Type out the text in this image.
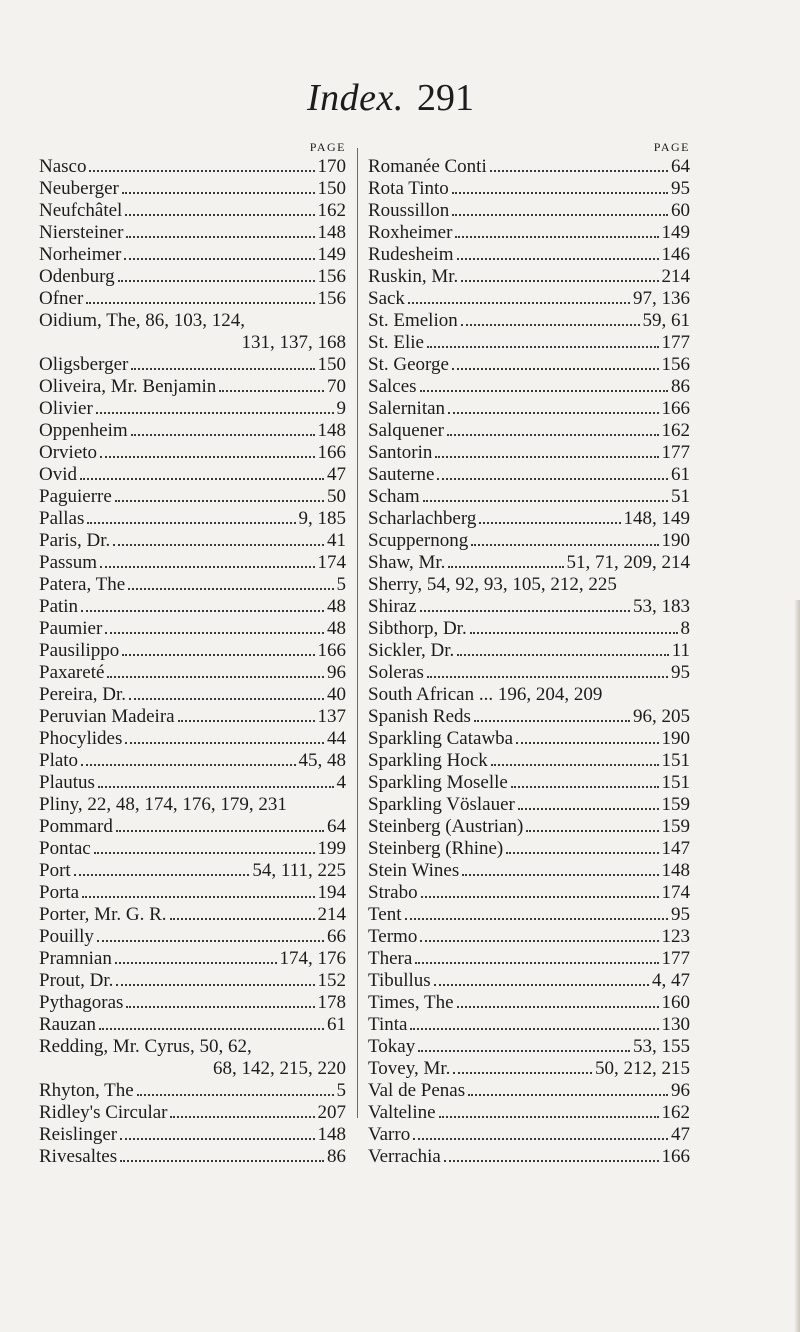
Index. 291
PAGE
Nasco	170
Neuberger	150
Neufchâtel	162
Niersteiner	148
Norheimer	149
Odenburg	156
Ofner	156
Oidium, The, 86, 103, 124,
131, 137, 168
Oligsberger	150
Oliveira, Mr. Benjamin	70
Olivier	9
Oppenheim	148
Orvieto	166
Ovid	47
Paguierre	50
Pallas	9, 185
Paris, Dr.	41
Passum	174
Patera, The	5
Patin	48
Paumier	48
Pausilippo	166
Paxareté	96
Pereira, Dr.	40
Peruvian Madeira	137
Phocylides	44
Plato	45, 48
Plautus	4
Pliny, 22, 48, 174, 176, 179, 231
Pommard	64
Pontac	199
Port	54, 111, 225
Porta	194
Porter, Mr. G. R.	214
Pouilly	66
Pramnian	174, 176
Prout, Dr.	152
Pythagoras	178
Rauzan	61
Redding, Mr. Cyrus, 50, 62,
68, 142, 215, 220
Rhyton, The	5
Ridley's Circular	207
Reislinger	148
Rivesaltes	86
PAGE
Romanée Conti	64
Rota Tinto	95
Roussillon	60
Roxheimer	149
Rudesheim	146
Ruskin, Mr.	214
Sack	97, 136
St. Emelion	59, 61
St. Elie	177
St. George	156
Salces	86
Salernitan	166
Salquener	162
Santorin	177
Sauterne	61
Scham	51
Scharlachberg	148, 149
Scuppernong	190
Shaw, Mr.	51, 71, 209, 214
Sherry, 54, 92, 93, 105, 212, 225
Shiraz	53, 183
Sibthorp, Dr.	8
Sickler, Dr.	11
Soleras	95
South African ... 196, 204, 209
Spanish Reds	96, 205
Sparkling Catawba	190
Sparkling Hock	151
Sparkling Moselle	151
Sparkling Vöslauer	159
Steinberg (Austrian)	159
Steinberg (Rhine)	147
Stein Wines	148
Strabo	174
Tent	95
Termo	123
Thera	177
Tibullus	4, 47
Times, The	160
Tinta	130
Tokay	53, 155
Tovey, Mr.	50, 212, 215
Val de Penas	96
Valteline	162
Varro	47
Verrachia	166
